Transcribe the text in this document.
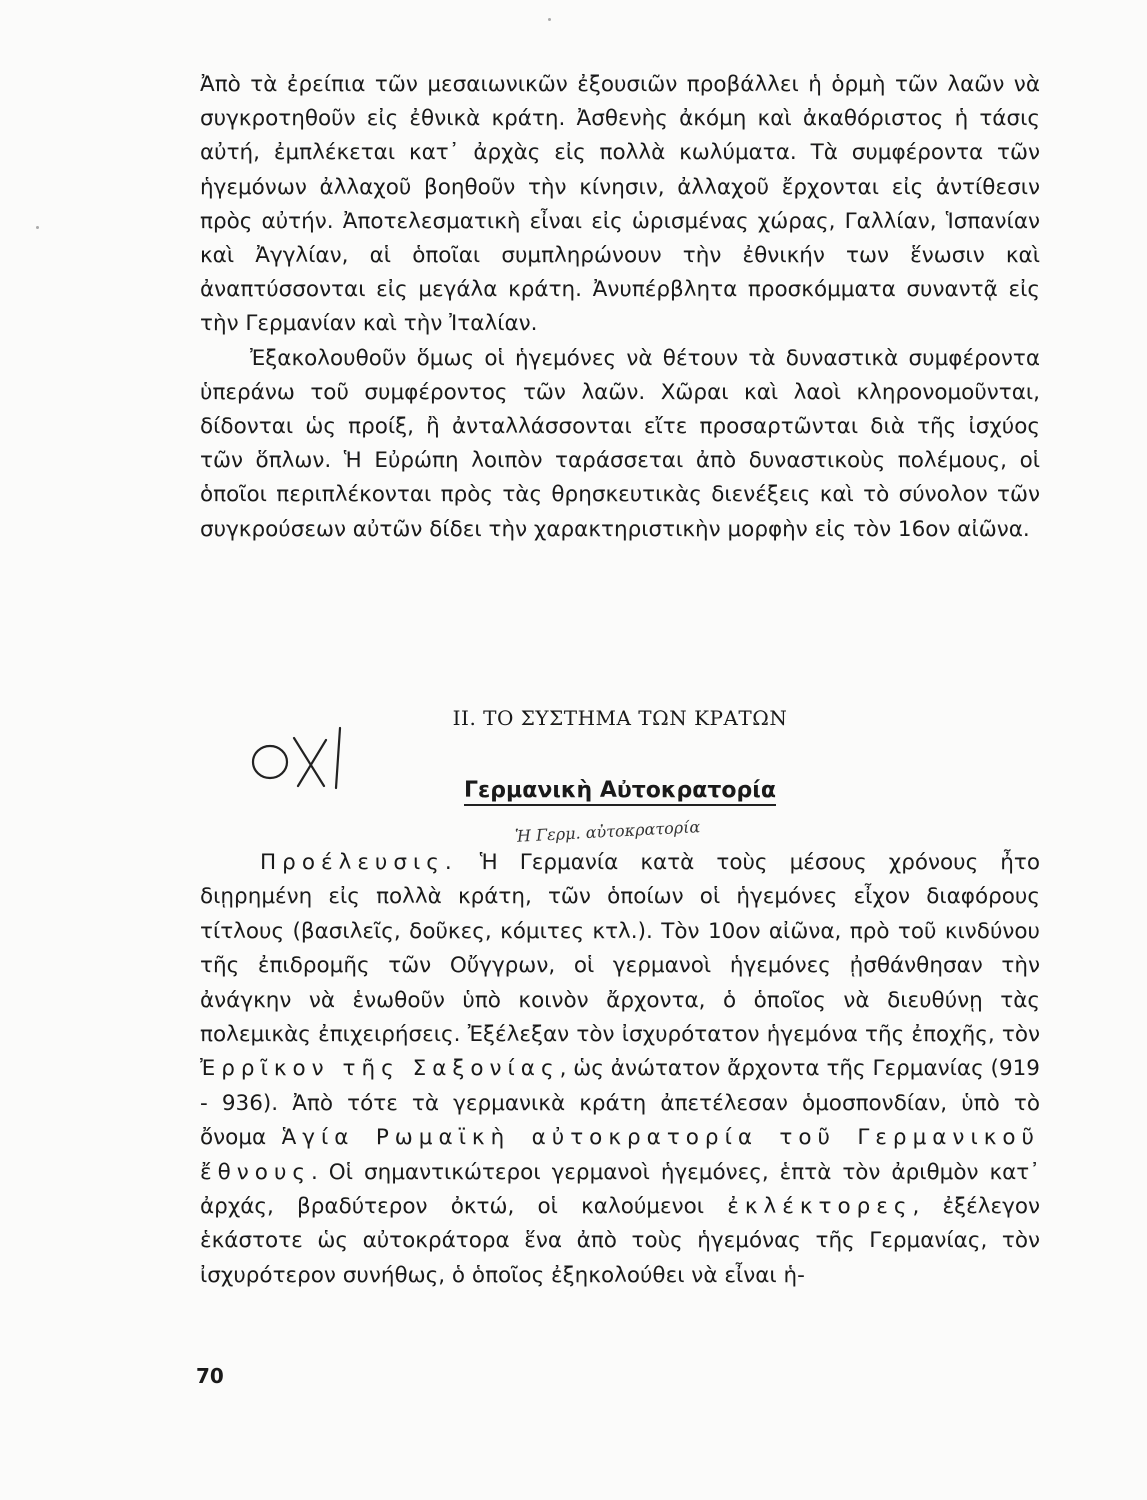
Ἀπὸ τὰ ἐρείπια τῶν μεσαιωνικῶν ἐξουσιῶν προβάλλει ἡ ὁρμὴ τῶν λαῶν νὰ συγκροτηθοῦν εἰς ἐθνικὰ κράτη. Ἀσθενὴς ἀκόμη καὶ ἀκαθόριστος ἡ τάσις αὐτή, ἐμπλέκεται κατ᾽ ἀρχὰς εἰς πολλὰ κωλύματα. Τὰ συμφέροντα τῶν ἡγεμόνων ἀλλαχοῦ βοηθοῦν τὴν κίνησιν, ἀλλαχοῦ ἔρχονται εἰς ἀντίθεσιν πρὸς αὐτήν. Ἀποτελεσματικὴ εἶναι εἰς ὡρισμένας χώρας, Γαλλίαν, Ἱσπανίαν καὶ Ἀγγλίαν, αἱ ὁποῖαι συμπληρώνουν τὴν ἐθνικήν των ἕνωσιν καὶ ἀναπτύσσονται εἰς μεγάλα κράτη. Ἀνυπέρβλητα προσκόμματα συναντᾷ εἰς τὴν Γερμανίαν καὶ τὴν Ἰταλίαν.

Ἐξακολουθοῦν ὅμως οἱ ἡγεμόνες νὰ θέτουν τὰ δυναστικὰ συμφέροντα ὑπεράνω τοῦ συμφέροντος τῶν λαῶν. Χῶραι καὶ λαοὶ κληρονομοῦνται, δίδονται ὡς προίξ, ἢ ἀνταλλάσσονται εἴτε προσαρτῶνται διὰ τῆς ἰσχύος τῶν ὅπλων. Ἡ Εὐρώπη λοιπὸν ταράσσεται ἀπὸ δυναστικοὺς πολέμους, οἱ ὁποῖοι περιπλέκονται πρὸς τὰς θρησκευτικὰς διενέξεις καὶ τὸ σύνολον τῶν συγκρούσεων αὐτῶν δίδει τὴν χαρακτηριστικὴν μορφὴν εἰς τὸν 16ον αἰῶνα.

II. ΤΟ ΣΥΣΤΗΜΑ ΤΩΝ ΚΡΑΤΩΝ
Γερμανικὴ Αὐτοκρατορία
Ἡ Γερμ. αὐτοκρατορία

Προέλευσις. Ἡ Γερμανία κατὰ τοὺς μέσους χρόνους ἦτο διῃρημένη εἰς πολλὰ κράτη, τῶν ὁποίων οἱ ἡγεμόνες εἶχον διαφόρους τίτλους (βασιλεῖς, δοῦκες, κόμιτες κτλ.). Τὸν 10ον αἰῶνα, πρὸ τοῦ κινδύνου τῆς ἐπιδρομῆς τῶν Οὔγγρων, οἱ γερμανοὶ ἡγεμόνες ᾐσθάνθησαν τὴν ἀνάγκην νὰ ἑνωθοῦν ὑπὸ κοινὸν ἄρχοντα, ὁ ὁποῖος νὰ διευθύνῃ τὰς πολεμικὰς ἐπιχειρήσεις. Ἐξέλεξαν τὸν ἰσχυρότατον ἡγεμόνα τῆς ἐποχῆς, τὸν Ἐρρῖκον τῆς Σαξονίας, ὡς ἀνώτατον ἄρχοντα τῆς Γερμανίας (919 - 936). Ἀπὸ τότε τὰ γερμανικὰ κράτη ἀπετέλεσαν ὁμοσπονδίαν, ὑπὸ τὸ ὄνομα Ἁγία Ρωμαϊκὴ αὐτοκρατορία τοῦ Γερμανικοῦ ἔθνους. Οἱ σημαντικώτεροι γερμανοὶ ἡγεμόνες, ἑπτὰ τὸν ἀριθμὸν κατ᾽ ἀρχάς, βραδύτερον ὀκτώ, οἱ καλούμενοι ἐκλέκτορες, ἐξέλεγον ἑκάστοτε ὡς αὐτοκράτορα ἕνα ἀπὸ τοὺς ἡγεμόνας τῆς Γερμανίας, τὸν ἰσχυρότερον συνήθως, ὁ ὁποῖος ἐξηκολούθει νὰ εἶναι ἡ-

70
